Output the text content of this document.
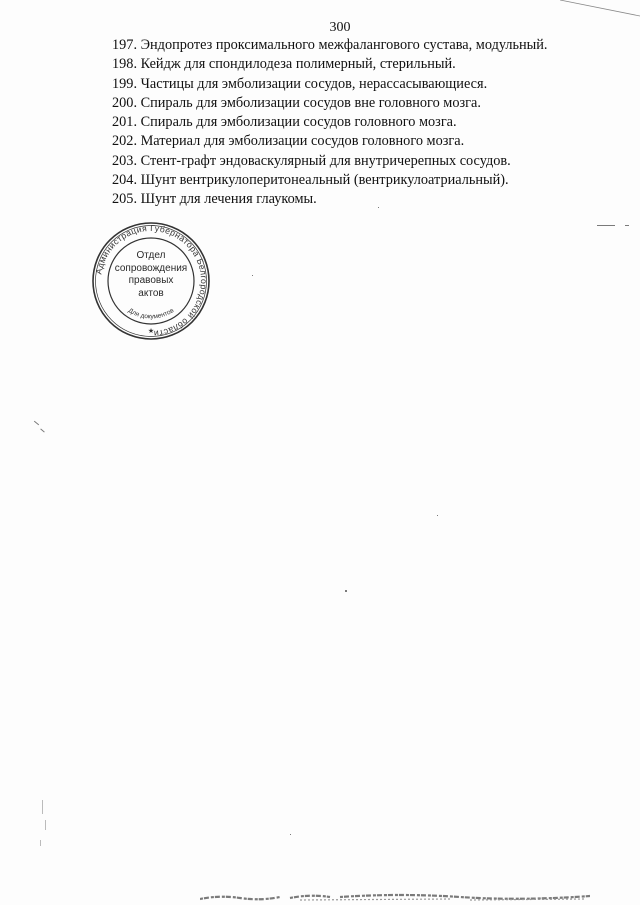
300
197. Эндопротез проксимального межфалангового сустава, модульный.
198. Кейдж для спондилодеза полимерный, стерильный.
199. Частицы для эмболизации сосудов, нерассасывающиеся.
200. Спираль для эмболизации сосудов вне головного мозга.
201. Спираль для эмболизации сосудов головного мозга.
202. Материал для эмболизации сосудов головного мозга.
203. Стент-графт эндоваскулярный для внутричерепных сосудов.
204. Шунт вентрикулоперитонеальный (вентрикулоатриальный).
205. Шунт для лечения глаукомы.
Администрация Губернатора Белгородской области
Для документов
★
Отдел
сопровождения
правовых
актов
